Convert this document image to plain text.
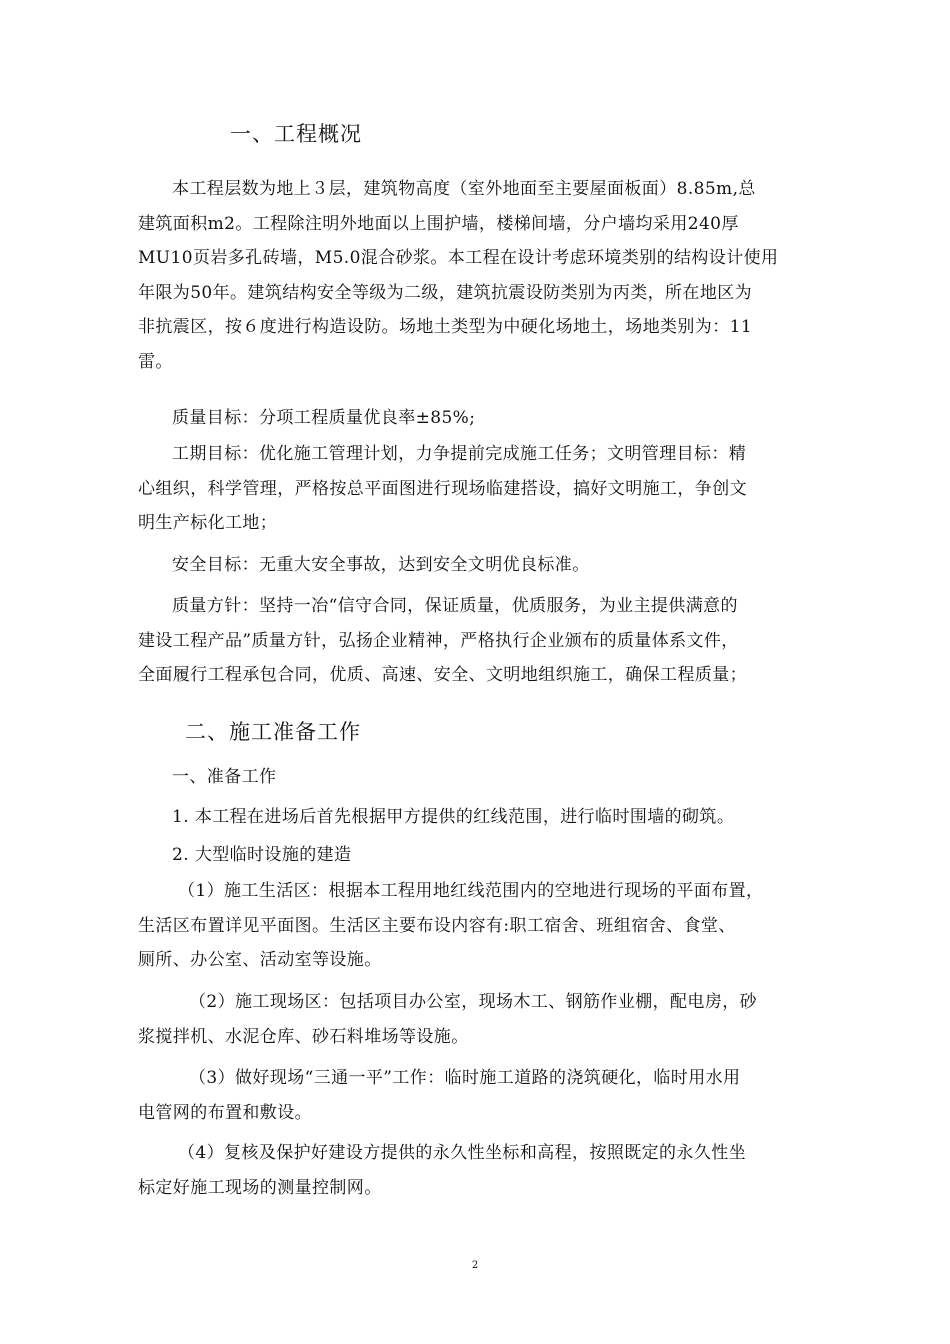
一、工程概况
本工程层数为地上３层，建筑物高度（室外地面至主要屋面板面）8.85m,总
建筑面积m2。工程除注明外地面以上围护墙，楼梯间墙，分户墙均采用240厚
MU10页岩多孔砖墙，M5.0混合砂浆。本工程在设计考虑环境类别的结构设计使用
年限为50年。建筑结构安全等级为二级，建筑抗震设防类别为丙类，所在地区为
非抗震区，按６度进行构造设防。场地土类型为中硬化场地土，场地类别为：11
雷。
质量目标：分项工程质量优良率±85%;
工期目标：优化施工管理计划，力争提前完成施工任务；文明管理目标：精
心组织，科学管理，严格按总平面图进行现场临建搭设，搞好文明施工，争创文
明生产标化工地；
安全目标：无重大安全事故，达到安全文明优良标准。
质量方针：坚持一冶“信守合同，保证质量，优质服务，为业主提供满意的
建设工程产品”质量方针，弘扬企业精神，严格执行企业颁布的质量体系文件，
全面履行工程承包合同，优质、高速、安全、文明地组织施工，确保工程质量；
二、施工准备工作
一、准备工作
1. 本工程在进场后首先根据甲方提供的红线范围，进行临时围墙的砌筑。
2. 大型临时设施的建造
（1）施工生活区：根据本工程用地红线范围内的空地进行现场的平面布置，
生活区布置详见平面图。生活区主要布设内容有:职工宿舍、班组宿舍、食堂、
厕所、办公室、活动室等设施。
（2）施工现场区：包括项目办公室，现场木工、钢筋作业棚，配电房，砂
浆搅拌机、水泥仓库、砂石料堆场等设施。
（3）做好现场“三通一平”工作：临时施工道路的浇筑硬化，临时用水用
电管网的布置和敷设。
（4）复核及保护好建设方提供的永久性坐标和高程，按照既定的永久性坐
标定好施工现场的测量控制网。
2
